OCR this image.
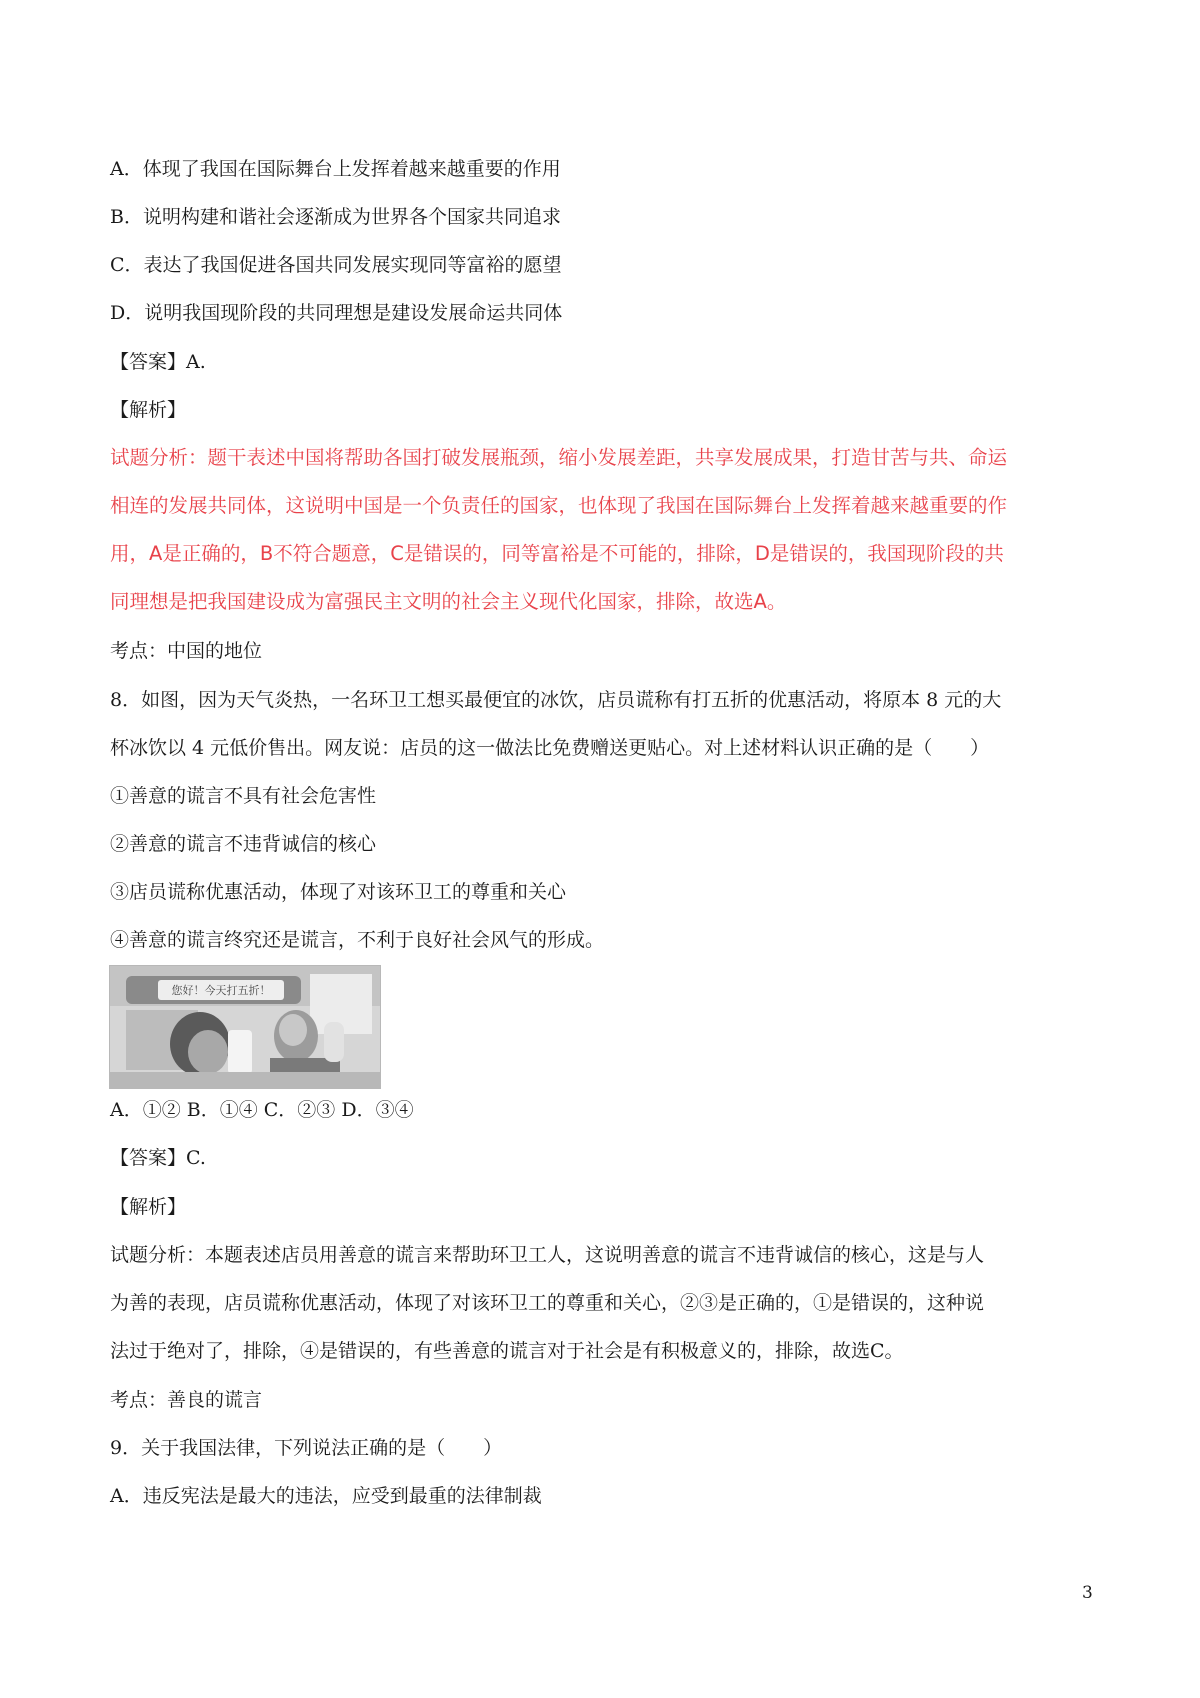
A．体现了我国在国际舞台上发挥着越来越重要的作用
B．说明构建和谐社会逐渐成为世界各个国家共同追求
C．表达了我国促进各国共同发展实现同等富裕的愿望
D．说明我国现阶段的共同理想是建设发展命运共同体
【答案】A.
【解析】
试题分析：题干表述中国将帮助各国打破发展瓶颈，缩小发展差距，共享发展成果，打造甘苦与共、命运
相连的发展共同体，这说明中国是一个负责任的国家，也体现了我国在国际舞台上发挥着越来越重要的作
用，A是正确的，B不符合题意，C是错误的，同等富裕是不可能的，排除，D是错误的，我国现阶段的共
同理想是把我国建设成为富强民主文明的社会主义现代化国家，排除，故选A。
考点：中国的地位
8．如图，因为天气炎热，一名环卫工想买最便宜的冰饮，店员谎称有打五折的优惠活动，将原本 8 元的大
杯冰饮以 4 元低价售出。网友说：店员的这一做法比免费赠送更贴心。对上述材料认识正确的是（　　）
①善意的谎言不具有社会危害性
②善意的谎言不违背诚信的核心
③店员谎称优惠活动，体现了对该环卫工的尊重和关心
④善意的谎言终究还是谎言，不利于良好社会风气的形成。
您好！今天打五折！
A．①② B．①④ C．②③ D．③④
【答案】C.
【解析】
试题分析：本题表述店员用善意的谎言来帮助环卫工人，这说明善意的谎言不违背诚信的核心，这是与人
为善的表现，店员谎称优惠活动，体现了对该环卫工的尊重和关心，②③是正确的，①是错误的，这种说
法过于绝对了，排除，④是错误的，有些善意的谎言对于社会是有积极意义的，排除，故选C。
考点：善良的谎言
9．关于我国法律，下列说法正确的是（　　）
A．违反宪法是最大的违法，应受到最重的法律制裁
3
